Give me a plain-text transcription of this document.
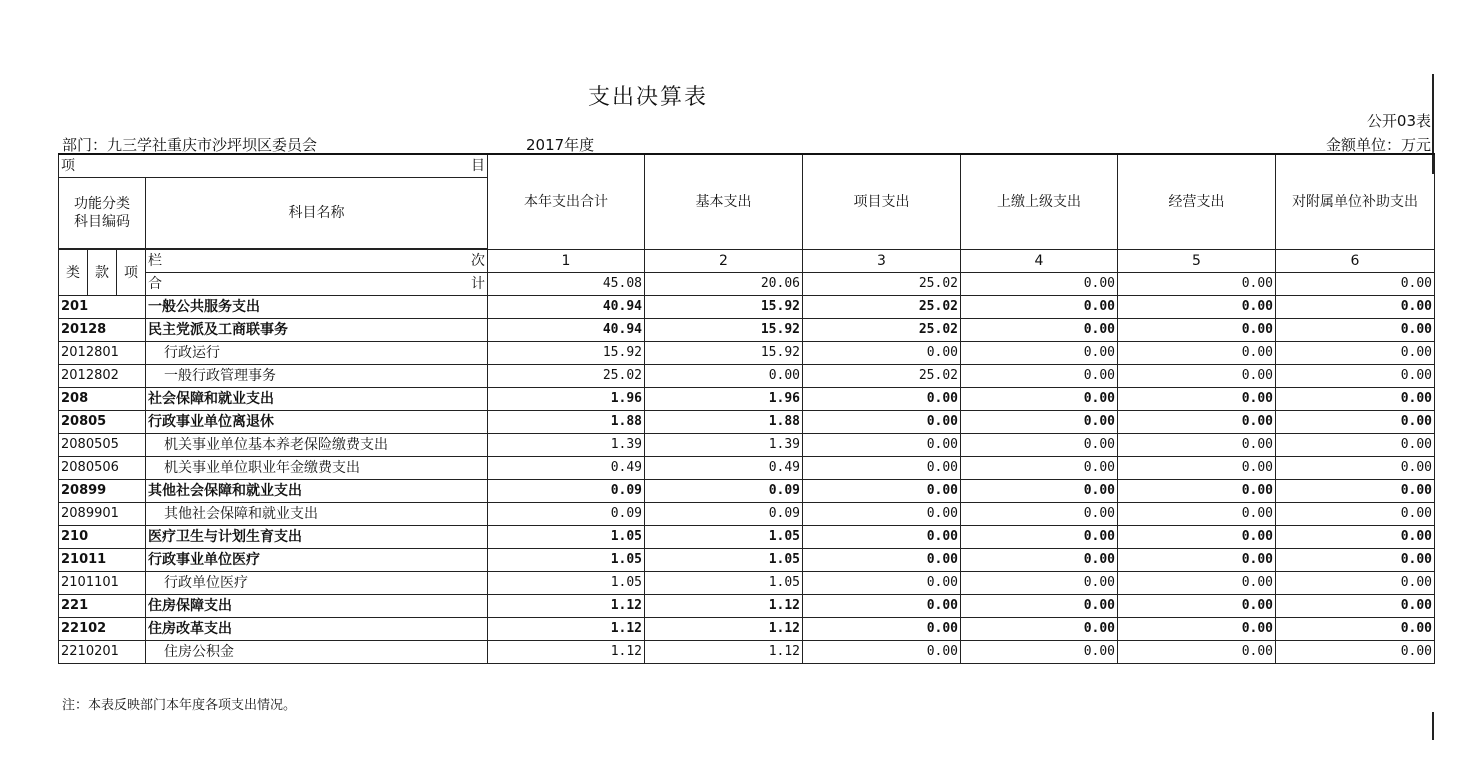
支出决算表
公开03表
部门：九三学社重庆市沙坪坝区委员会	2017年度	金额单位：万元
项 目				本年支出合计	基本支出	项目支出	上缴上级支出	经营支出	对附属单位补助支出

功能分类
科目编码			科目名称						

类	款	项	栏 次	1	2	3	4	5	6

			合 计	45.08	20.06	25.02	0.00	0.00	0.00
201			一般公共服务支出	40.94	15.92	25.02	0.00	0.00	0.00
20128			民主党派及工商联事务	40.94	15.92	25.02	0.00	0.00	0.00
2012801			行政运行	15.92	15.92	0.00	0.00	0.00	0.00
2012802			一般行政管理事务	25.02	0.00	25.02	0.00	0.00	0.00
208			社会保障和就业支出	1.96	1.96	0.00	0.00	0.00	0.00
20805			行政事业单位离退休	1.88	1.88	0.00	0.00	0.00	0.00
2080505			机关事业单位基本养老保险缴费支出	1.39	1.39	0.00	0.00	0.00	0.00
2080506			机关事业单位职业年金缴费支出	0.49	0.49	0.00	0.00	0.00	0.00
20899			其他社会保障和就业支出	0.09	0.09	0.00	0.00	0.00	0.00
2089901			其他社会保障和就业支出	0.09	0.09	0.00	0.00	0.00	0.00
210			医疗卫生与计划生育支出	1.05	1.05	0.00	0.00	0.00	0.00
21011			行政事业单位医疗	1.05	1.05	0.00	0.00	0.00	0.00
2101101			行政单位医疗	1.05	1.05	0.00	0.00	0.00	0.00
221			住房保障支出	1.12	1.12	0.00	0.00	0.00	0.00
22102			住房改革支出	1.12	1.12	0.00	0.00	0.00	0.00
2210201			住房公积金	1.12	1.12	0.00	0.00	0.00	0.00
注：本表反映部门本年度各项支出情况。
